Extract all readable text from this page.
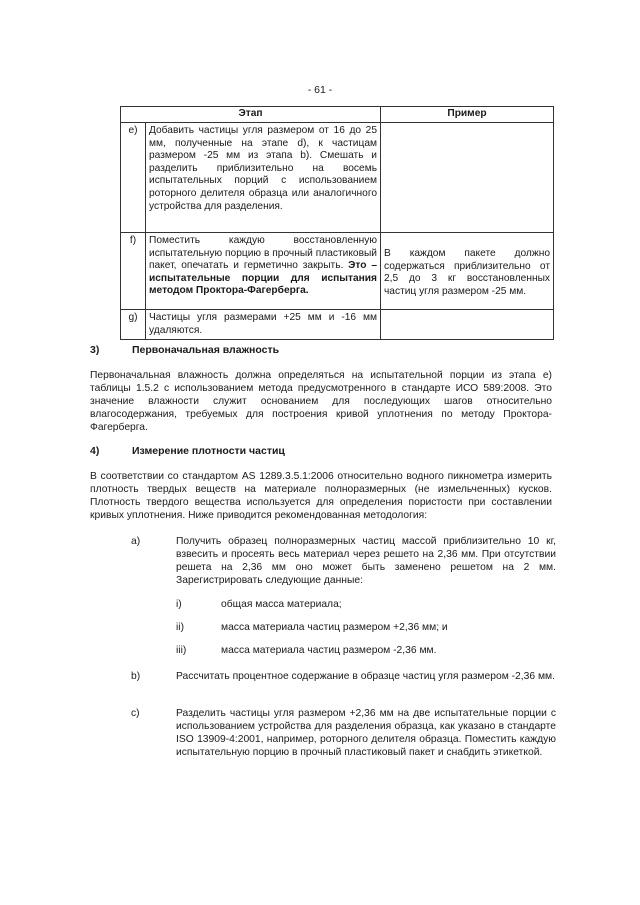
- 61 -
Этап		Пример
e)	Добавить частицы угля размером от 16 до 25 мм, полученные на этапе d), к частицам размером -25 мм из этапа b). Смешать и разделить приблизительно на восемь испытательных порций с использованием роторного делителя образца или аналогичного устройства для разделения.	
f)	Поместить каждую восстановленную испытательную порцию в прочный пластиковый пакет, опечатать и герметично закрыть. Это – испытательные порции для испытания методом Проктора-Фагерберга.	В каждом пакете должно содержаться приблизительно от 2,5 до 3 кг восстановленных частиц угля размером -25 мм.

g)	Частицы угля размерами +25 мм и -16 мм удаляются.	
3)	Первоначальная влажность
Первоначальная влажность должна определяться на испытательной порции из этапа e) таблицы 1.5.2 с использованием метода предусмотренного в стандарте ИСО 589:2008. Это значение влажности служит основанием для последующих шагов относительно влагосодержания, требуемых для построения кривой уплотнения по методу Проктора-Фагерберга.
4)	Измерение плотности частиц
В соответствии со стандартом AS 1289.3.5.1:2006 относительно водного пикнометра измерить плотность твердых веществ на материале полноразмерных (не измельченных) кусков. Плотность твердого вещества используется для определения пористости при составлении кривых уплотнения. Ниже приводится рекомендованная методология:
a)	Получить образец полноразмерных частиц массой приблизительно 10 кг, взвесить и просеять весь материал через решето на 2,36 мм. При отсутствии решета на 2,36 мм оно может быть заменено решетом на 2 мм. Зарегистрировать следующие данные:
i)	общая масса материала;
ii)	масса материала частиц размером +2,36 мм; и
iii)	масса материала частиц размером -2,36 мм.
b)	Рассчитать процентное содержание в образце частиц угля размером -2,36 мм.
c)	Разделить частицы угля размером +2,36 мм на две испытательные порции с использованием устройства для разделения образца, как указано в стандарте ISO 13909-4:2001, например, роторного делителя образца. Поместить каждую испытательную порцию в прочный пластиковый пакет и снабдить этикеткой.
